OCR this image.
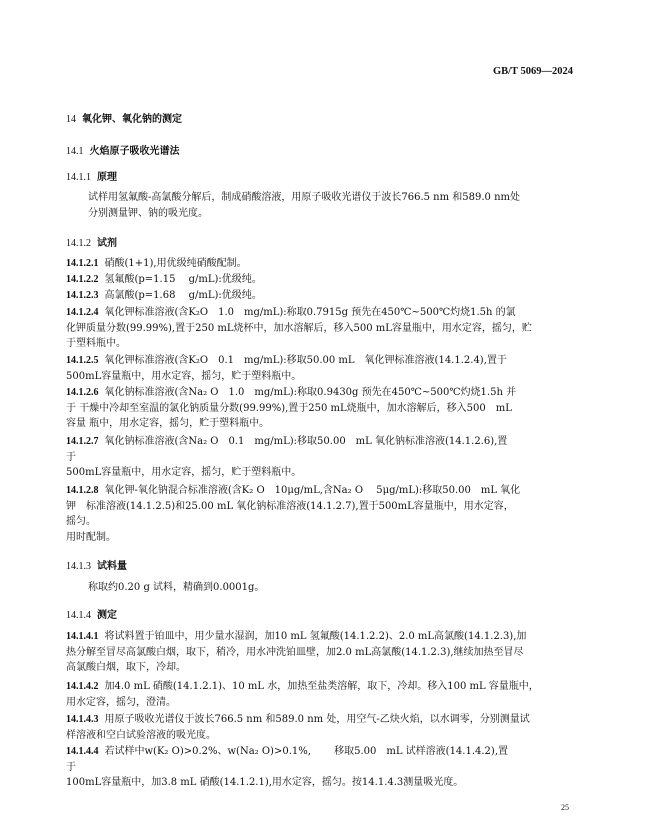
GB/T 5069—2024
14 氧化钾、氧化钠的测定
14.1 火焰原子吸收光谱法
14.1.1 原理
试样用氢氟酸-高氯酸分解后，制成硝酸溶液，用原子吸收光谱仪于波长766.5 nm 和589.0 nm处
分别测量钾、钠的吸光度。
14.1.2 试剂
14.1.2.1 硝酸(1+1),用优级纯硝酸配制。
14.1.2.2 氢氟酸(p=1.15　 g/mL):优级纯。
14.1.2.3 高氯酸(p=1.68　 g/mL):优级纯。
14.1.2.4 氧化钾标准溶液(含K₂O　1.0　mg/mL):称取0.7915g 预先在450℃~500℃灼烧1.5h 的氯
化钾质量分数(99.99%),置于250 mL烧杯中，加水溶解后，移入500 mL容量瓶中，用水定容，摇匀，贮
于塑料瓶中。
14.1.2.5 氧化钾标准溶液(含K₂O　0.1　mg/mL):移取50.00 mL　氧化钾标准溶液(14.1.2.4),置于
500mL容量瓶中，用水定容，摇匀，贮于塑料瓶中。
14.1.2.6 氧化钠标准溶液(含Na₂ O　1.0　mg/mL):称取0.9430g 预先在450℃~500℃灼烧1.5h 并
于 干燥中冷却至室温的氯化钠质量分数(99.99%),置于250 mL烧瓶中，加水溶解后，移入500　mL
容量 瓶中，用水定容，摇匀，贮于塑料瓶中。
14.1.2.7 氧化钠标准溶液(含Na₂ O　0.1　mg/mL):移取50.00　mL 氧化钠标准溶液(14.1.2.6),置
于
500mL容量瓶中，用水定容，摇匀，贮于塑料瓶中。
14.1.2.8 氧化钾-氧化钠混合标准溶液(含K₂ O　10μg/mL,含Na₂ O　 5μg/mL):移取50.00　mL 氧化
钾　标准溶液(14.1.2.5)和25.00 mL 氧化钠标准溶液(14.1.2.7),置于500mL容量瓶中，用水定容，
摇匀。
用时配制。
14.1.3 试料量
称取约0.20 g 试料，精确到0.0001g。
14.1.4 测定
14.1.4.1 将试料置于铂皿中，用少量水湿润，加10 mL 氢氟酸(14.1.2.2)、2.0 mL高氯酸(14.1.2.3),加
热分解至冒尽高氯酸白烟，取下，稍冷，用水冲洗铂皿壁，加2.0 mL高氯酸(14.1.2.3),继续加热至冒尽
高氯酸白烟，取下，冷却。
14.1.4.2 加4.0 mL 硝酸(14.1.2.1)、10 mL 水，加热至盐类溶解，取下，冷却。移入100 mL 容量瓶中，
用水定容，摇匀，澄清。
14.1.4.3 用原子吸收光谱仪于波长766.5 nm 和589.0 nm 处，用空气-乙炔火焰，以水调零，分别测量试
样溶液和空白试验溶液的吸光度。
14.1.4.4 若试样中w(K₂ O)>0.2%、w(Na₂ O)>0.1%,　　 移取5.00　mL 试样溶液(14.1.4.2),置
于
100mL容量瓶中，加3.8 mL 硝酸(14.1.2.1),用水定容，摇匀。按14.1.4.3测量吸光度。
25
